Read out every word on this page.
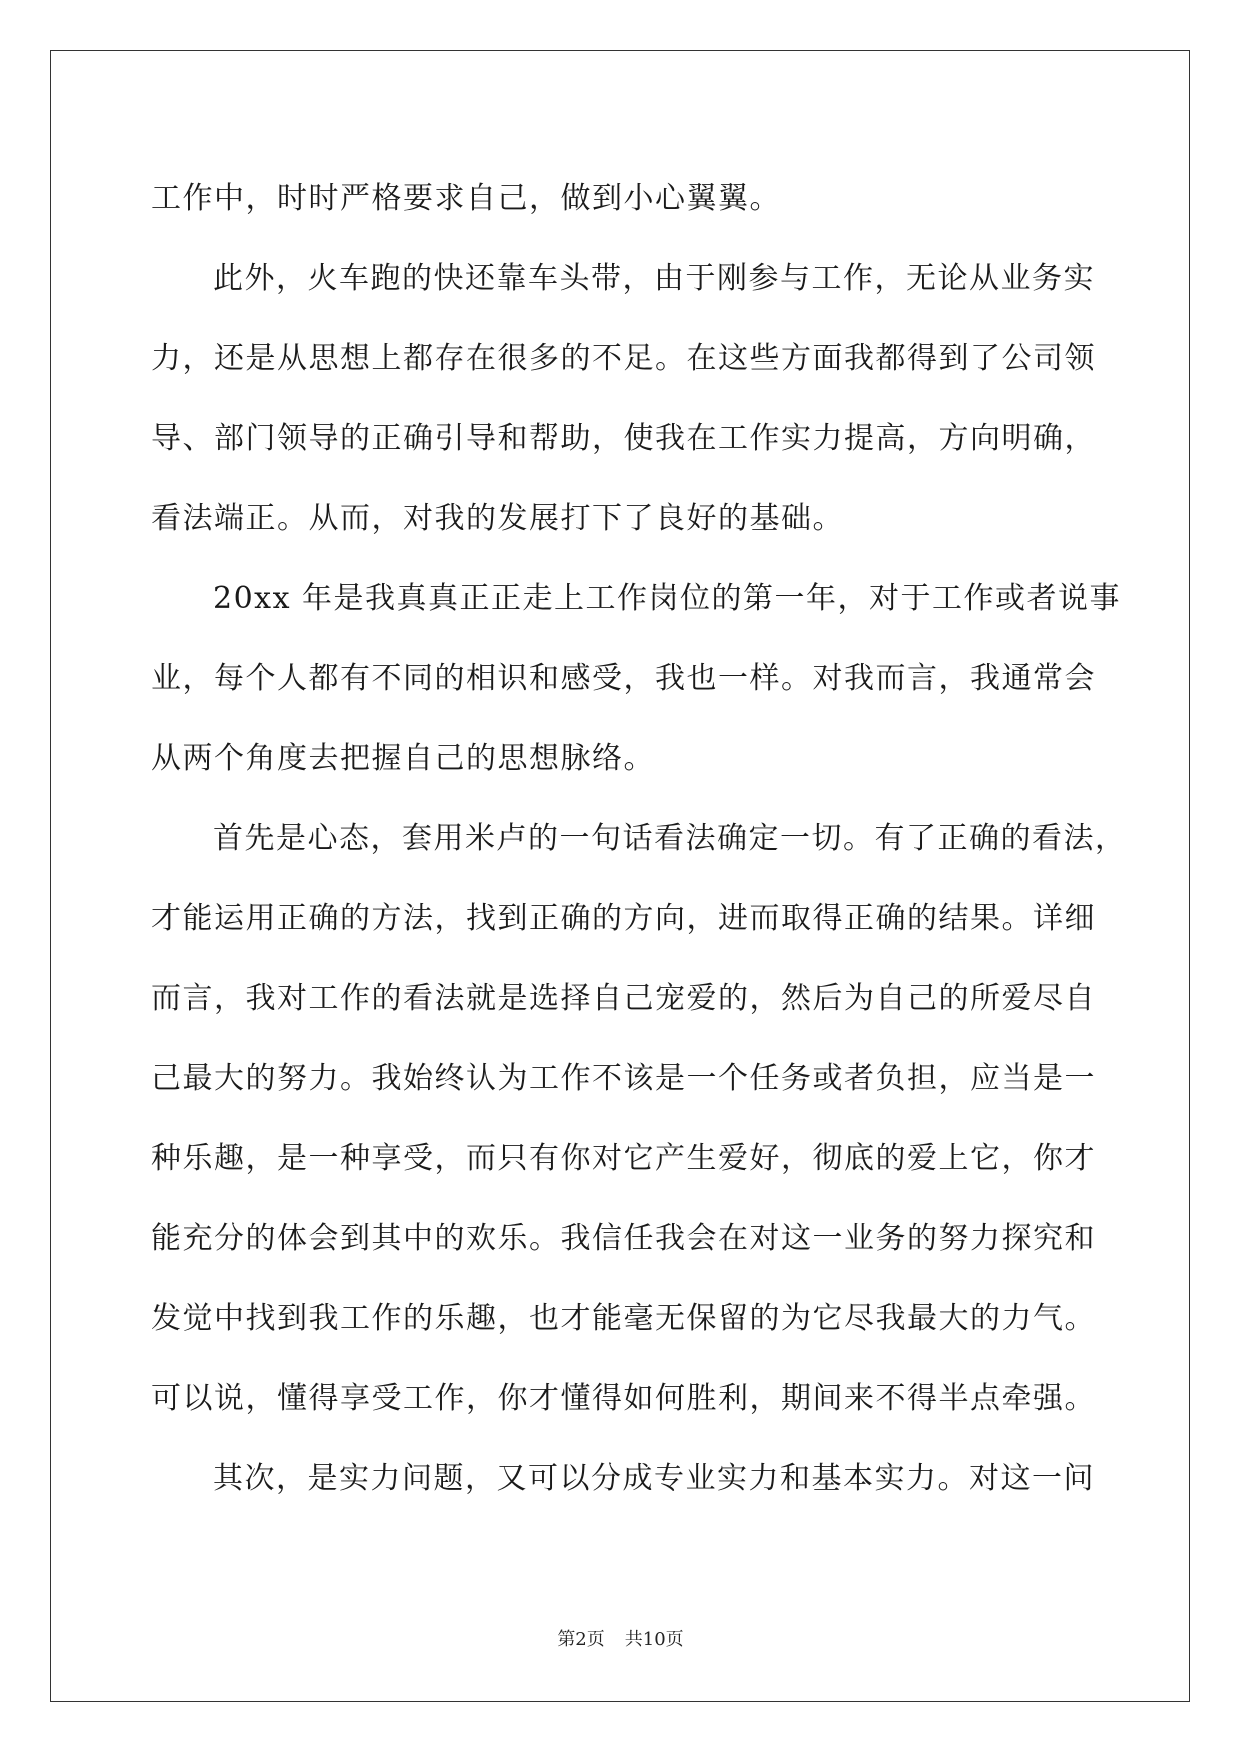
工作中，时时严格要求自己，做到小心翼翼。
此外，火车跑的快还靠车头带，由于刚参与工作，无论从业务实
力，还是从思想上都存在很多的不足。在这些方面我都得到了公司领
导、部门领导的正确引导和帮助，使我在工作实力提高，方向明确，
看法端正。从而，对我的发展打下了良好的基础。
20xx 年是我真真正正走上工作岗位的第一年，对于工作或者说事
业，每个人都有不同的相识和感受，我也一样。对我而言，我通常会
从两个角度去把握自己的思想脉络。
首先是心态，套用米卢的一句话看法确定一切。有了正确的看法，
才能运用正确的方法，找到正确的方向，进而取得正确的结果。详细
而言，我对工作的看法就是选择自己宠爱的，然后为自己的所爱尽自
己最大的努力。我始终认为工作不该是一个任务或者负担，应当是一
种乐趣，是一种享受，而只有你对它产生爱好，彻底的爱上它，你才
能充分的体会到其中的欢乐。我信任我会在对这一业务的努力探究和
发觉中找到我工作的乐趣，也才能毫无保留的为它尽我最大的力气。
可以说，懂得享受工作，你才懂得如何胜利，期间来不得半点牵强。
其次，是实力问题，又可以分成专业实力和基本实力。对这一问
第2页 共10页
